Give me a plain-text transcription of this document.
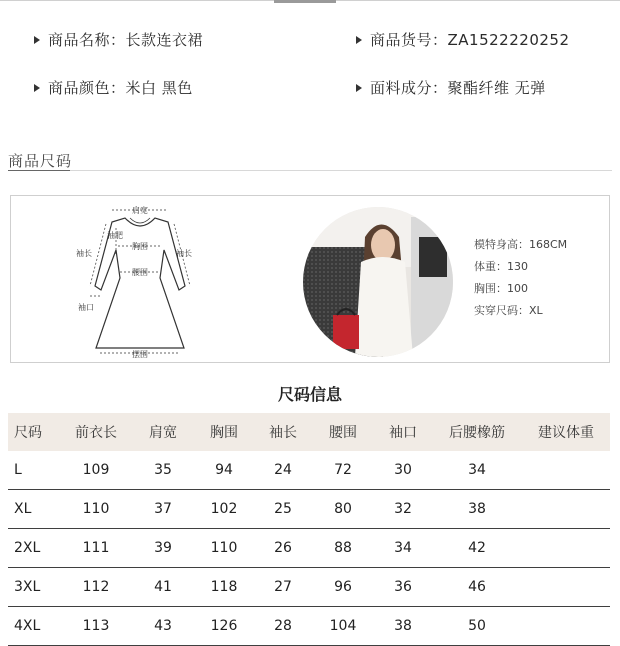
商品名称：长款连衣裙	商品货号：ZA1522220252
商品颜色：米白 黑色	面料成分：聚酯纤维 无弹
商品尺码
肩宽
胸围
腰围
摆围
袖长	袖长
袖肥
袖口
模特身高：168CM
体重：130
胸围：100
实穿尺码：XL
尺码信息
尺码	前衣长	肩宽	胸围	袖长	腰围	袖口	后腰橡筋	建议体重
L	109	35	94	24	72	30	34	
XL	110	37	102	25	80	32	38	
2XL	111	39	110	26	88	34	42	
3XL	112	41	118	27	96	36	46	
4XL	113	43	126	28	104	38	50	
